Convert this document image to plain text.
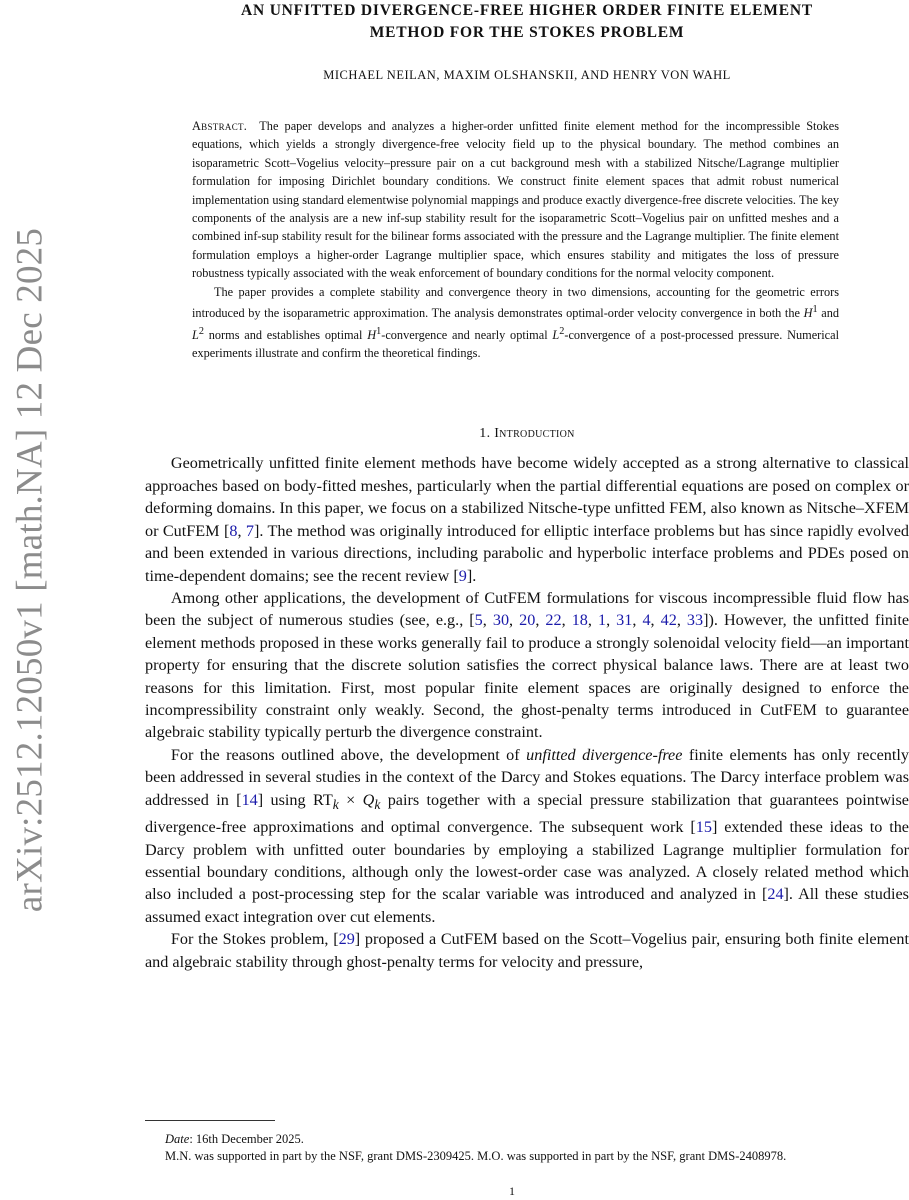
arXiv:2512.12050v1 [math.NA] 12 Dec 2025
AN UNFITTED DIVERGENCE-FREE HIGHER ORDER FINITE ELEMENT
METHOD FOR THE STOKES PROBLEM
MICHAEL NEILAN, MAXIM OLSHANSKII, AND HENRY VON WAHL

Abstract. The paper develops and analyzes a higher-order unfitted finite element method for the incompressible Stokes equations, which yields a strongly divergence-free velocity field up to the physical boundary. The method combines an isoparametric Scott–Vogelius velocity–pressure pair on a cut background mesh with a stabilized Nitsche/Lagrange multiplier formulation for imposing Dirichlet boundary conditions. We construct finite element spaces that admit robust numerical implementation using standard elementwise polynomial mappings and produce exactly divergence-free discrete velocities. The key components of the analysis are a new inf-sup stability result for the isoparametric Scott–Vogelius pair on unfitted meshes and a combined inf-sup stability result for the bilinear forms associated with the pressure and the Lagrange multiplier. The finite element formulation employs a higher-order Lagrange multiplier space, which ensures stability and mitigates the loss of pressure robustness typically associated with the weak enforcement of boundary conditions for the normal velocity component.

The paper provides a complete stability and convergence theory in two dimensions, accounting for the geometric errors introduced by the isoparametric approximation. The analysis demonstrates optimal-order velocity convergence in both the $H^1$ and $L^2$ norms and establishes optimal $H^1$-convergence and nearly optimal $L^2$-convergence of a post-processed pressure. Numerical experiments illustrate and confirm the theoretical findings.

1. Introduction

Geometrically unfitted finite element methods have become widely accepted as a strong alternative to classical approaches based on body-fitted meshes, particularly when the partial differential equations are posed on complex or deforming domains. In this paper, we focus on a stabilized Nitsche-type unfitted FEM, also known as Nitsche–XFEM or CutFEM [8, 7]. The method was originally introduced for elliptic interface problems but has since rapidly evolved and been extended in various directions, including parabolic and hyperbolic interface problems and PDEs posed on time-dependent domains; see the recent review [9].

Among other applications, the development of CutFEM formulations for viscous incompressible fluid flow has been the subject of numerous studies (see, e.g., [5, 30, 20, 22, 18, 1, 31, 4, 42, 33]). However, the unfitted finite element methods proposed in these works generally fail to produce a strongly solenoidal velocity field—an important property for ensuring that the discrete solution satisfies the correct physical balance laws. There are at least two reasons for this limitation. First, most popular finite element spaces are originally designed to enforce the incompressibility constraint only weakly. Second, the ghost-penalty terms introduced in CutFEM to guarantee algebraic stability typically perturb the divergence constraint.

For the reasons outlined above, the development of unfitted divergence-free finite elements has only recently been addressed in several studies in the context of the Darcy and Stokes equations. The Darcy interface problem was addressed in [14] using $RT_k \times Q_k$ pairs together with a special pressure stabilization that guarantees pointwise divergence-free approximations and optimal convergence. The subsequent work [15] extended these ideas to the Darcy problem with unfitted outer boundaries by employing a stabilized Lagrange multiplier formulation for essential boundary conditions, although only the lowest-order case was analyzed. A closely related method which also included a post-processing step for the scalar variable was introduced and analyzed in [24]. All these studies assumed exact integration over cut elements.

For the Stokes problem, [29] proposed a CutFEM based on the Scott–Vogelius pair, ensuring both finite element and algebraic stability through ghost-penalty terms for velocity and pressure,

Date: 16th December 2025.

M.N. was supported in part by the NSF, grant DMS-2309425. M.O. was supported in part by the NSF, grant DMS-2408978.

1
